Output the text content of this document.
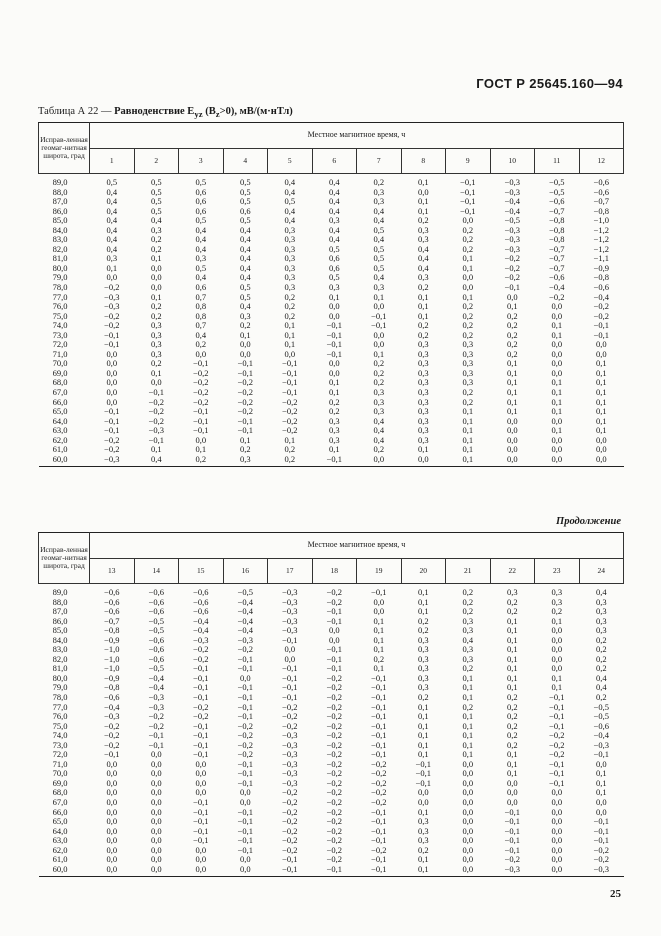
ГОСТ Р 25645.160—94
Таблица А 22 — Равноденствие $E_{yz}$ $(B_z>0)$, мВ/(м·нТл)
Исправ-ленная геомаг-нитная широта, град	Местное магнитное время, ч											
	1	2	3	4	5	6	7	8	9	10	11	12
89,0	0,5	0,5	0,5	0,5	0,4	0,4	0,2	0,1	−0,1	−0,3	−0,5	−0,6
88,0	0,4	0,5	0,6	0,5	0,4	0,4	0,3	0,0	−0,1	−0,3	−0,5	−0,6
87,0	0,4	0,5	0,6	0,5	0,5	0,4	0,3	0,1	−0,1	−0,4	−0,6	−0,7
86,0	0,4	0,5	0,6	0,6	0,4	0,4	0,4	0,1	−0,1	−0,4	−0,7	−0,8
85,0	0,4	0,4	0,5	0,5	0,4	0,3	0,4	0,2	0,0	−0,5	−0,8	−1,0
84,0	0,4	0,3	0,4	0,4	0,3	0,4	0,5	0,3	0,2	−0,3	−0,8	−1,2
83,0	0,4	0,2	0,4	0,4	0,3	0,4	0,4	0,3	0,2	−0,3	−0,8	−1,2
82,0	0,4	0,2	0,4	0,4	0,3	0,5	0,5	0,4	0,2	−0,3	−0,7	−1,2
81,0	0,3	0,1	0,3	0,4	0,3	0,6	0,5	0,4	0,1	−0,2	−0,7	−1,1
80,0	0,1	0,0	0,5	0,4	0,3	0,6	0,5	0,4	0,1	−0,2	−0,7	−0,9
79,0	0,0	0,0	0,4	0,4	0,3	0,5	0,4	0,3	0,0	−0,2	−0,6	−0,8
78,0	−0,2	0,0	0,6	0,5	0,3	0,3	0,3	0,2	0,0	−0,1	−0,4	−0,6
77,0	−0,3	0,1	0,7	0,5	0,2	0,1	0,1	0,1	0,1	0,0	−0,2	−0,4
76,0	−0,3	0,2	0,8	0,4	0,2	0,0	0,0	0,1	0,2	0,1	0,0	−0,2
75,0	−0,2	0,2	0,8	0,3	0,2	0,0	−0,1	0,1	0,2	0,2	0,0	−0,2
74,0	−0,2	0,3	0,7	0,2	0,1	−0,1	−0,1	0,2	0,2	0,2	0,1	−0,1
73,0	−0,1	0,3	0,4	0,1	0,1	−0,1	0,0	0,2	0,2	0,2	0,1	−0,1
72,0	−0,1	0,3	0,2	0,0	0,1	−0,1	0,0	0,3	0,3	0,2	0,0	0,0
71,0	0,0	0,3	0,0	0,0	0,0	−0,1	0,1	0,3	0,3	0,2	0,0	0,0
70,0	0,0	0,2	−0,1	−0,1	−0,1	0,0	0,2	0,3	0,3	0,1	0,0	0,1
69,0	0,0	0,1	−0,2	−0,1	−0,1	0,0	0,2	0,3	0,3	0,1	0,0	0,1
68,0	0,0	0,0	−0,2	−0,2	−0,1	0,1	0,2	0,3	0,3	0,1	0,1	0,1
67,0	0,0	−0,1	−0,2	−0,2	−0,1	0,1	0,3	0,3	0,2	0,1	0,1	0,1
66,0	0,0	−0,2	−0,2	−0,2	−0,2	0,2	0,3	0,3	0,2	0,1	0,1	0,1
65,0	−0,1	−0,2	−0,1	−0,2	−0,2	0,2	0,3	0,3	0,1	0,1	0,1	0,1
64,0	−0,1	−0,2	−0,1	−0,1	−0,2	0,3	0,4	0,3	0,1	0,0	0,0	0,1
63,0	−0,1	−0,3	−0,1	−0,1	−0,2	0,3	0,4	0,3	0,1	0,0	0,1	0,1
62,0	−0,2	−0,1	0,0	0,1	0,1	0,3	0,4	0,3	0,1	0,0	0,0	0,0
61,0	−0,2	0,1	0,1	0,2	0,2	0,1	0,2	0,1	0,1	0,0	0,0	0,0
60,0	−0,3	0,4	0,2	0,3	0,2	−0,1	0,0	0,0	0,1	0,0	0,0	0,0
Продолжение
Исправ-ленная геомаг-нитная широта, град	Местное магнитное время, ч											
	13	14	15	16	17	18	19	20	21	22	23	24
89,0	−0,6	−0,6	−0,6	−0,5	−0,3	−0,2	−0,1	0,1	0,2	0,3	0,3	0,4
88,0	−0,6	−0,6	−0,6	−0,4	−0,3	−0,2	0,0	0,1	0,2	0,2	0,3	0,3
87,0	−0,6	−0,6	−0,6	−0,4	−0,3	−0,1	0,0	0,1	0,2	0,2	0,2	0,3
86,0	−0,7	−0,5	−0,4	−0,4	−0,3	−0,1	0,1	0,2	0,3	0,1	0,1	0,3
85,0	−0,8	−0,5	−0,4	−0,4	−0,3	0,0	0,1	0,2	0,3	0,1	0,0	0,3
84,0	−0,9	−0,6	−0,3	−0,3	−0,1	0,0	0,1	0,3	0,4	0,1	0,0	0,2
83,0	−1,0	−0,6	−0,2	−0,2	0,0	−0,1	0,1	0,3	0,3	0,1	0,0	0,2
82,0	−1,0	−0,6	−0,2	−0,1	0,0	−0,1	0,2	0,3	0,3	0,1	0,0	0,2
81,0	−1,0	−0,5	−0,1	−0,1	−0,1	−0,1	0,1	0,3	0,2	0,1	0,0	0,2
80,0	−0,9	−0,4	−0,1	0,0	−0,1	−0,2	−0,1	0,3	0,1	0,1	0,1	0,4
79,0	−0,8	−0,4	−0,1	−0,1	−0,1	−0,2	−0,1	0,3	0,1	0,1	0,1	0,4
78,0	−0,6	−0,3	−0,1	−0,1	−0,1	−0,2	−0,1	0,2	0,1	0,2	−0,1	0,2
77,0	−0,4	−0,3	−0,2	−0,1	−0,2	−0,2	−0,1	0,1	0,2	0,2	−0,1	−0,5
76,0	−0,3	−0,2	−0,2	−0,1	−0,2	−0,2	−0,1	0,1	0,1	0,2	−0,1	−0,5
75,0	−0,2	−0,2	−0,1	−0,2	−0,2	−0,2	−0,1	0,1	0,1	0,2	−0,1	−0,6
74,0	−0,2	−0,1	−0,1	−0,2	−0,3	−0,2	−0,1	0,1	0,1	0,2	−0,2	−0,4
73,0	−0,2	−0,1	−0,1	−0,2	−0,3	−0,2	−0,1	0,1	0,1	0,2	−0,2	−0,3
72,0	−0,1	0,0	−0,1	−0,2	−0,3	−0,2	−0,1	0,1	0,1	0,1	−0,2	−0,1
71,0	0,0	0,0	0,0	−0,1	−0,3	−0,2	−0,2	−0,1	0,0	0,1	−0,1	0,0
70,0	0,0	0,0	0,0	−0,1	−0,3	−0,2	−0,2	−0,1	0,0	0,1	−0,1	0,1
69,0	0,0	0,0	0,0	−0,1	−0,3	−0,2	−0,2	−0,1	0,0	0,0	−0,1	0,1
68,0	0,0	0,0	0,0	0,0	−0,2	−0,2	−0,2	0,0	0,0	0,0	0,0	0,1
67,0	0,0	0,0	−0,1	0,0	−0,2	−0,2	−0,2	0,0	0,0	0,0	0,0	0,0
66,0	0,0	0,0	−0,1	−0,1	−0,2	−0,2	−0,1	0,1	0,0	−0,1	0,0	0,0
65,0	0,0	0,0	−0,1	−0,1	−0,2	−0,2	−0,1	0,3	0,0	−0,1	0,0	−0,1
64,0	0,0	0,0	−0,1	−0,1	−0,2	−0,2	−0,1	0,3	0,0	−0,1	0,0	−0,1
63,0	0,0	0,0	−0,1	−0,1	−0,2	−0,2	−0,1	0,3	0,0	−0,1	0,0	−0,1
62,0	0,0	0,0	0,0	−0,1	−0,2	−0,2	−0,2	0,2	0,0	−0,1	0,0	−0,2
61,0	0,0	0,0	0,0	0,0	−0,1	−0,2	−0,1	0,1	0,0	−0,2	0,0	−0,2
60,0	0,0	0,0	0,0	0,0	−0,1	−0,1	−0,1	0,1	0,0	−0,3	0,0	−0,3
25
